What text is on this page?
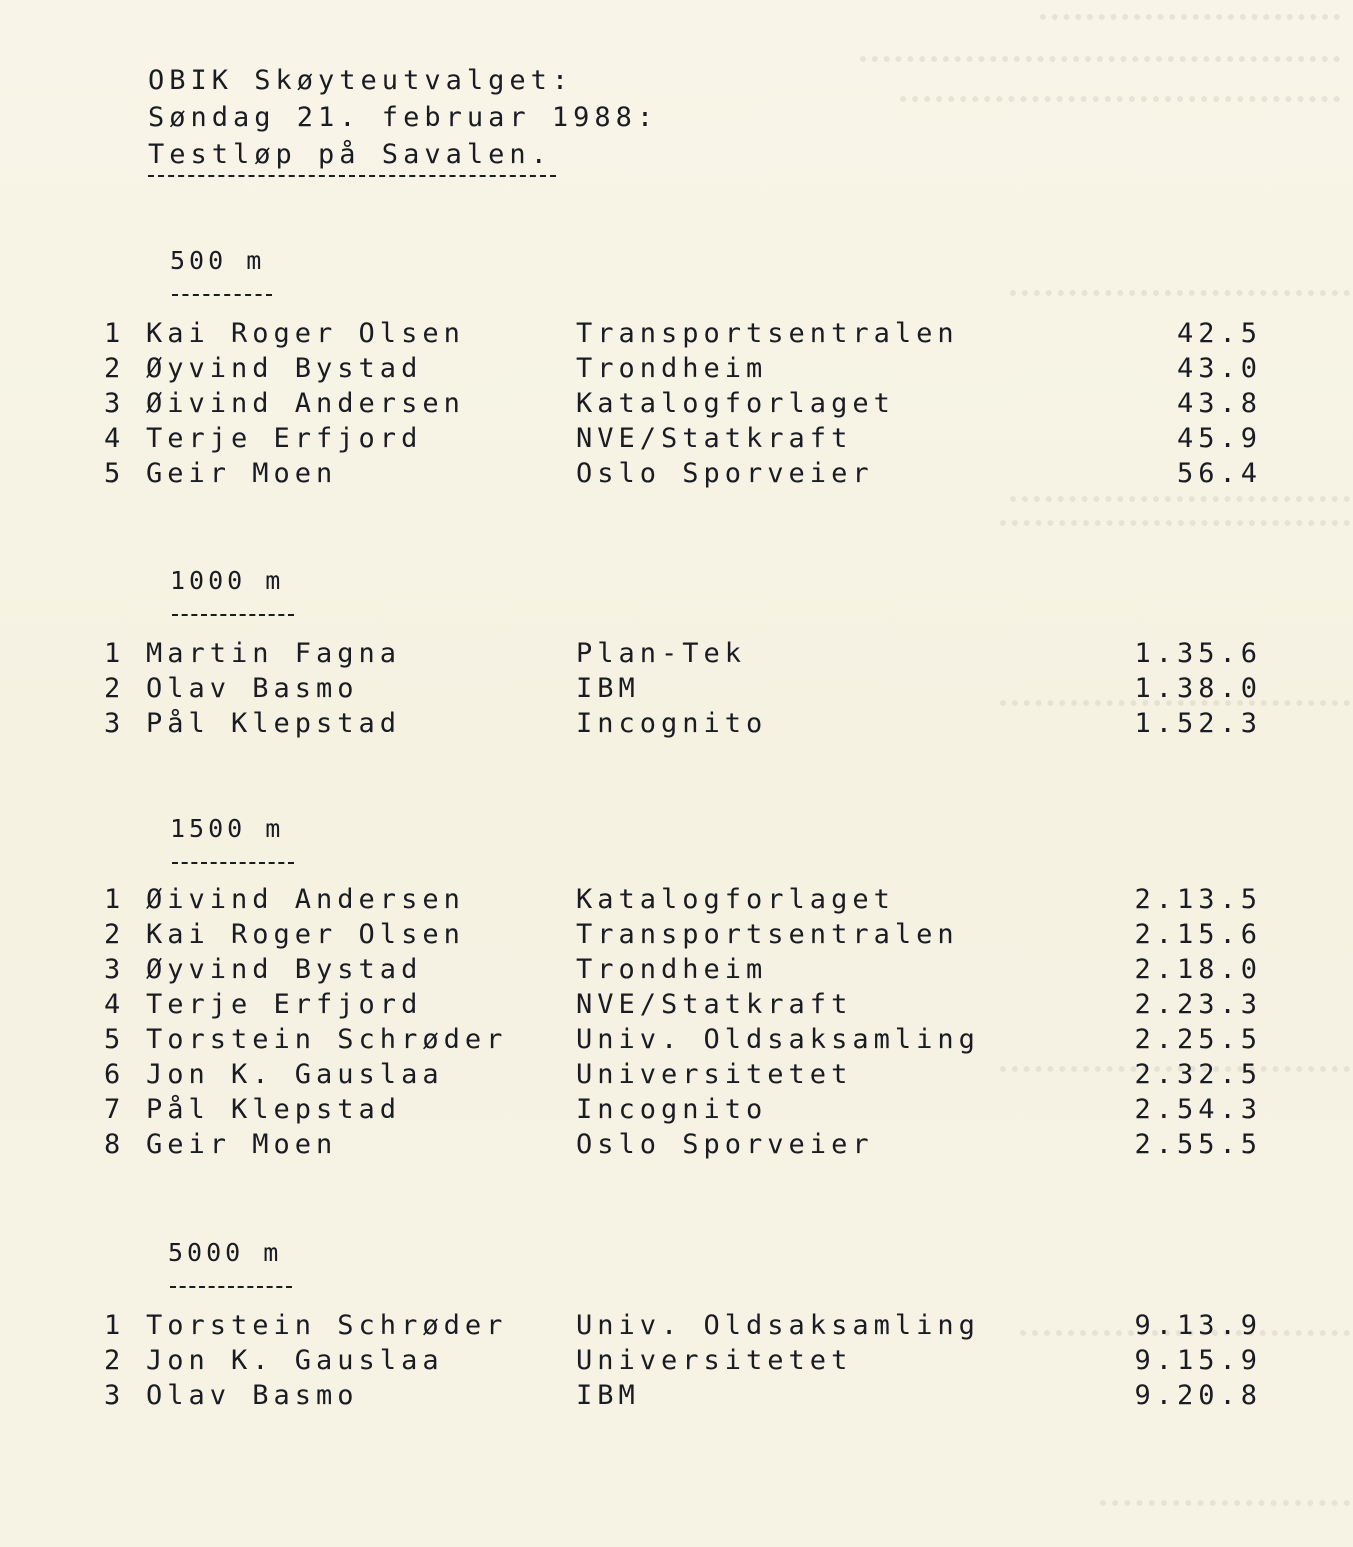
OBIK Skøyteutvalget:
Søndag 21. februar 1988:
Testløp på Savalen.
500 m
1 Kai Roger Olsen	Transportsentralen	42.5
2 Øyvind Bystad	Trondheim	43.0
3 Øivind Andersen	Katalogforlaget	43.8
4 Terje Erfjord	NVE/Statkraft	45.9
5 Geir Moen	Oslo Sporveier	56.4
1000 m
1 Martin Fagna	Plan-Tek	1.35.6
2 Olav Basmo	IBM	1.38.0
3 Pål Klepstad	Incognito	1.52.3
1500 m
1 Øivind Andersen	Katalogforlaget	2.13.5
2 Kai Roger Olsen	Transportsentralen	2.15.6
3 Øyvind Bystad	Trondheim	2.18.0
4 Terje Erfjord	NVE/Statkraft	2.23.3
5 Torstein Schrøder	Univ. Oldsaksamling	2.25.5
6 Jon K. Gauslaa	Universitetet	2.32.5
7 Pål Klepstad	Incognito	2.54.3
8 Geir Moen	Oslo Sporveier	2.55.5
5000 m
1 Torstein Schrøder	Univ. Oldsaksamling	9.13.9
2 Jon K. Gauslaa	Universitetet	9.15.9
3 Olav Basmo	IBM	9.20.8
